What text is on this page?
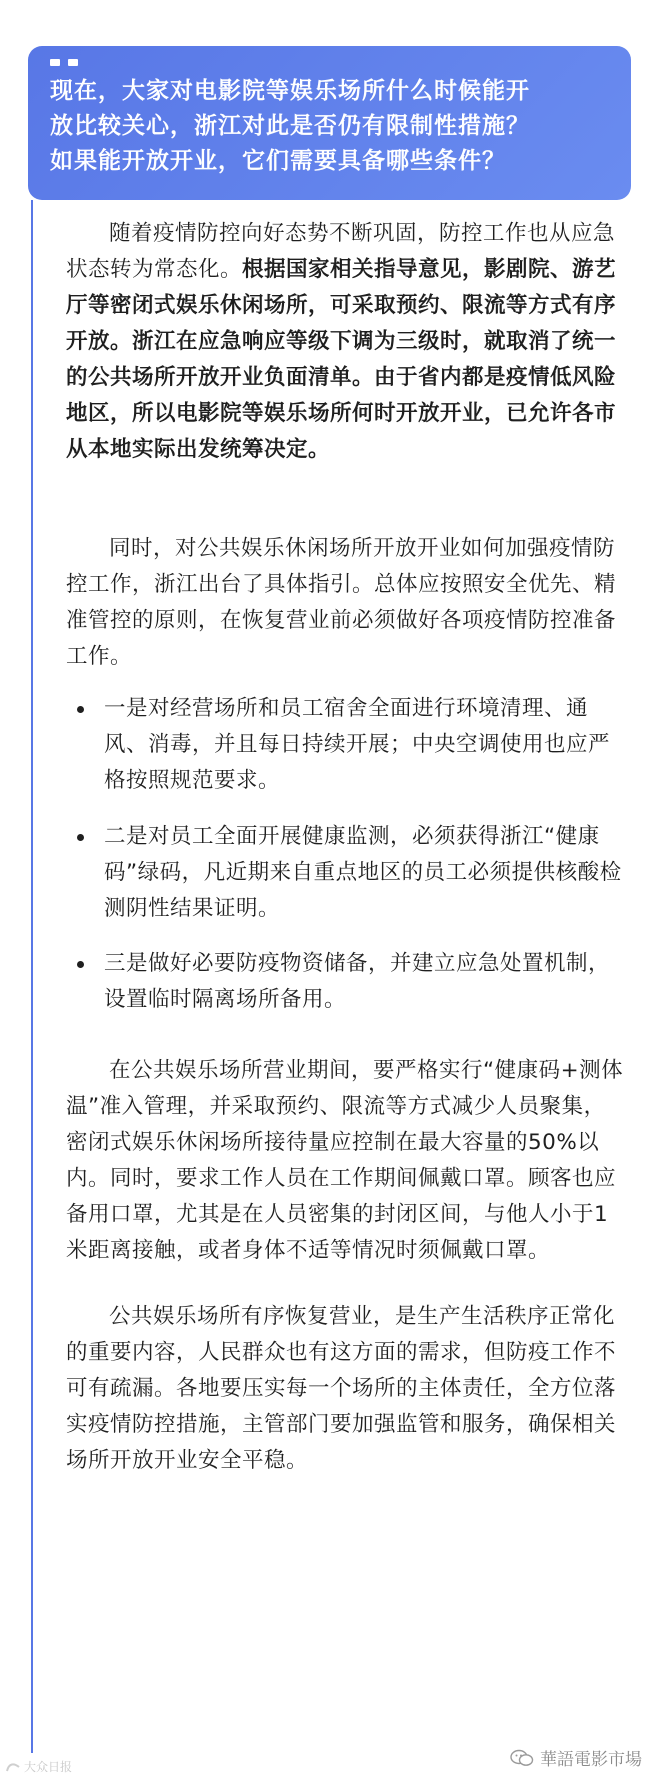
现在，大家对电影院等娱乐场所什么时候能开
放比较关心，浙江对此是否仍有限制性措施？
如果能开放开业，它们需要具备哪些条件？

随着疫情防控向好态势不断巩固，防控工作也从应急状态转为常态化。根据国家相关指导意见，影剧院、游艺厅等密闭式娱乐休闲场所，可采取预约、限流等方式有序开放。浙江在应急响应等级下调为三级时，就取消了统一的公共场所开放开业负面清单。由于省内都是疫情低风险地区，所以电影院等娱乐场所何时开放开业，已允许各市从本地实际出发统筹决定。

同时，对公共娱乐休闲场所开放开业如何加强疫情防控工作，浙江出台了具体指引。总体应按照安全优先、精准管控的原则，在恢复营业前必须做好各项疫情防控准备工作。

一是对经营场所和员工宿舍全面进行环境清理、通风、消毒，并且每日持续开展；中央空调使用也应严格按照规范要求。

二是对员工全面开展健康监测，必须获得浙江“健康码”绿码，凡近期来自重点地区的员工必须提供核酸检测阴性结果证明。

三是做好必要防疫物资储备，并建立应急处置机制，设置临时隔离场所备用。

在公共娱乐场所营业期间，要严格实行“健康码+测体温”准入管理，并采取预约、限流等方式减少人员聚集，密闭式娱乐休闲场所接待量应控制在最大容量的50%以内。同时，要求工作人员在工作期间佩戴口罩。顾客也应备用口罩，尤其是在人员密集的封闭区间，与他人小于1米距离接触，或者身体不适等情况时须佩戴口罩。

公共娱乐场所有序恢复营业，是生产生活秩序正常化的重要内容，人民群众也有这方面的需求，但防疫工作不可有疏漏。各地要压实每一个场所的主体责任，全方位落实疫情防控措施，主管部门要加强监管和服务，确保相关场所开放开业安全平稳。

大众日报	華語電影市場
